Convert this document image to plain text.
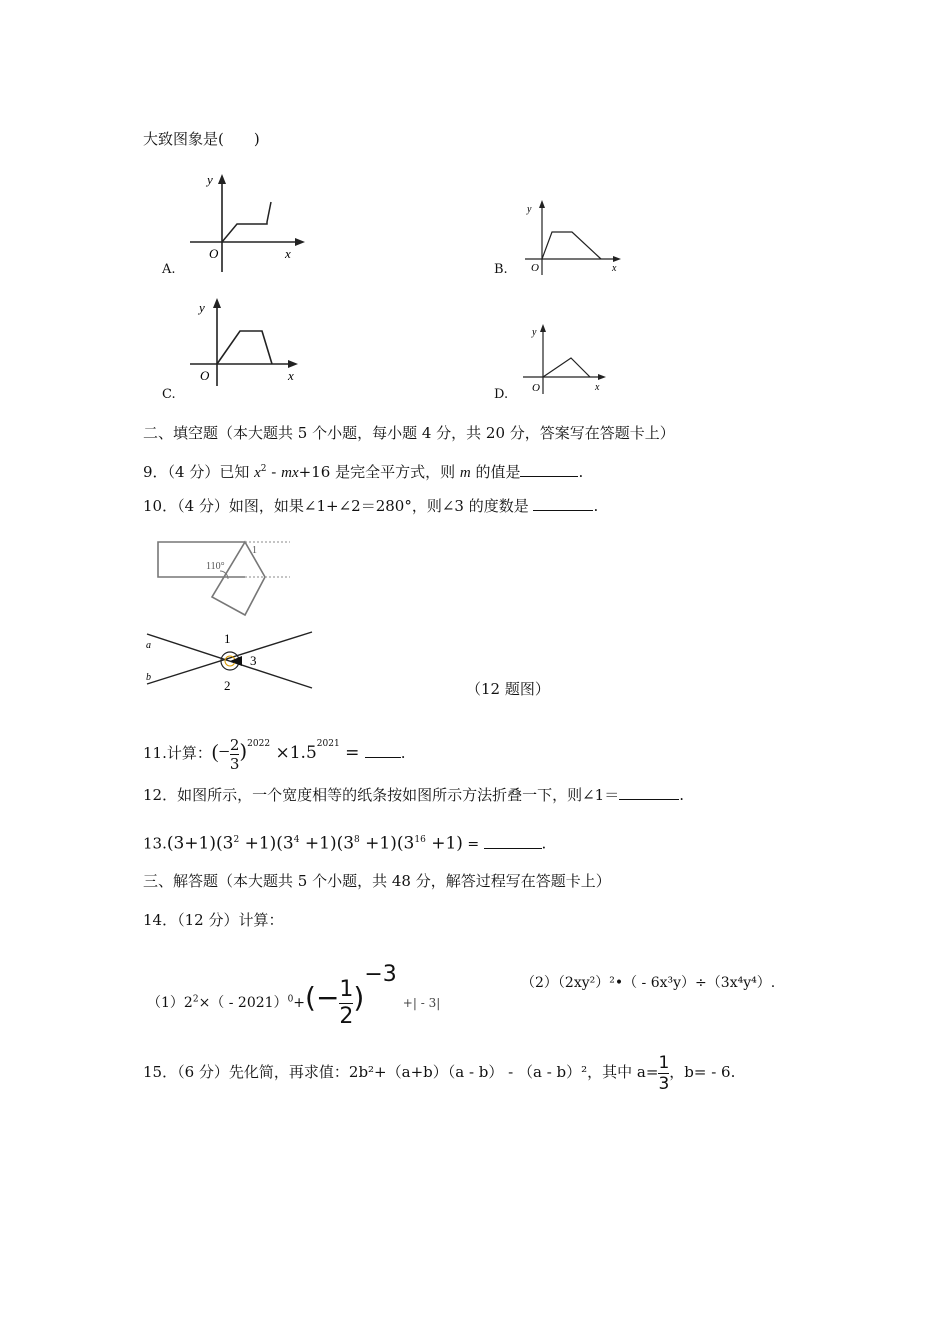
大致图象是(　　)
y
O	x
A.
y
O	x
B.
y
O	x
C.
y
O	x
D.
二、填空题（本大题共 5 个小题，每小题 4 分，共 20 分，答案写在答题卡上）
9．（4 分）已知 $x^2 - mx+16$ 是完全平方式，则 m 的值是	.
10．（4 分）如图，如果∠1+∠2＝280°，则∠3 的度数是	.
110°
1
a
b
1
2
3
（12 题图）
11.计算：(− $\frac{2}{3} )^{2022} \times 1.5^{2021}$ = .
12．如图所示，一个宽度相等的纸条按如图所示方法折叠一下，则∠1＝	.
$13.(3+1)(3^2 +1)(3^4 +1)(3^8 +1)(3^{16} +1)$ =	.
三、解答题（本大题共 5 个小题，共 48 分，解答过程写在答题卡上）
14．（12 分）计算：
$(1)2^2\times( - 2021)^0+(- \frac{1}{2} )^{-3}+| - 3|$
（2）（2xy²）²•（ - 6x³y）÷（3x⁴y⁴）.
15．（6 分）先化简，再求值：2b²+（a+b）（a - b） - （a - b）²，其中 $a= \frac{1}{3}$ ，b= - 6.
